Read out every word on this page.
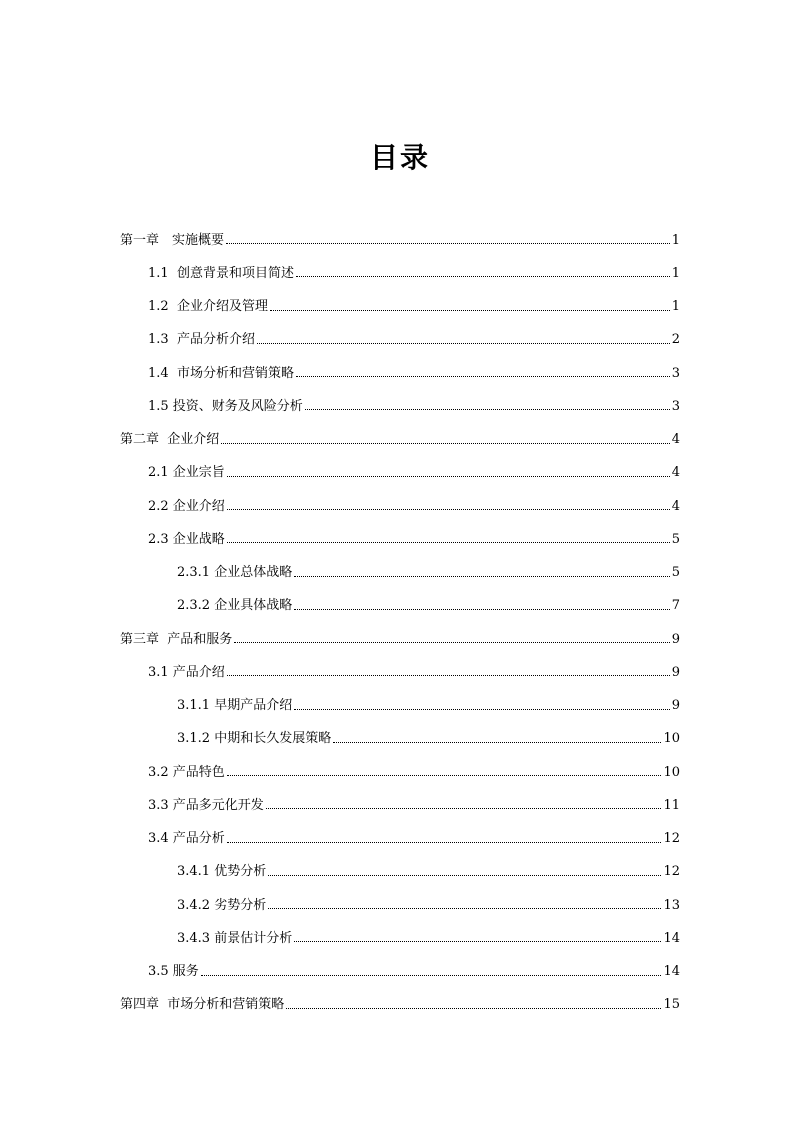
目录
第一章　实施概要	1
1.1  创意背景和项目简述	1
1.2  企业介绍及管理	1
1.3  产品分析介绍	2
1.4  市场分析和营销策略	3
1.5 投资、财务及风险分析	3
第二章  企业介绍	4
2.1 企业宗旨	4
2.2 企业介绍	4
2.3 企业战略	5
2.3.1 企业总体战略	5
2.3.2 企业具体战略	7
第三章  产品和服务	9
3.1 产品介绍	9
3.1.1 早期产品介绍	9
3.1.2 中期和长久发展策略	10
3.2 产品特色	10
3.3 产品多元化开发	11
3.4 产品分析	12
3.4.1 优势分析	12
3.4.2 劣势分析	13
3.4.3 前景估计分析	14
3.5 服务	14
第四章  市场分析和营销策略	15
